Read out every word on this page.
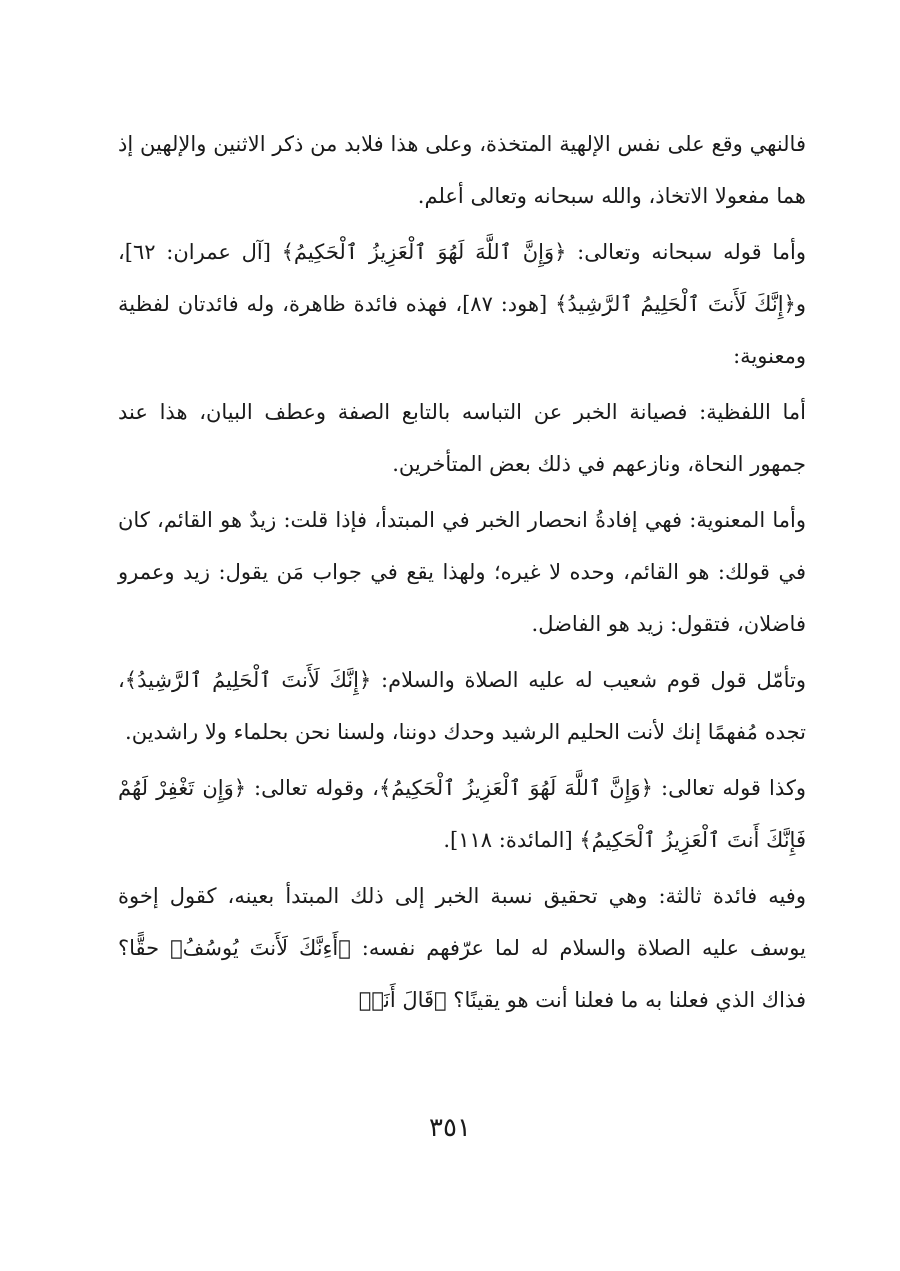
فالنهي وقع على نفس الإلهية المتخذة، وعلى هذا فلابد من ذكر الاثنين والإلهين إذ هما مفعولا الاتخاذ، والله سبحانه وتعالى أعلم.

وأما قوله سبحانه وتعالى: ﴿وَإِنَّ ٱللَّهَ لَهُوَ ٱلْعَزِيزُ ٱلْحَكِيمُ﴾ [آل عمران: ٦٢]، و﴿إِنَّكَ لَأَنتَ ٱلْحَلِيمُ ٱلرَّشِيدُ﴾ [هود: ٨٧]، فهذه فائدة ظاهرة، وله فائدتان لفظية ومعنوية:

أما اللفظية: فصيانة الخبر عن التباسه بالتابع الصفة وعطف البيان، هذا عند جمهور النحاة، ونازعهم في ذلك بعض المتأخرين.

وأما المعنوية: فهي إفادةُ انحصار الخبر في المبتدأ، فإذا قلت: زيدٌ هو القائم، كان في قولك: هو القائم، وحده لا غيره؛ ولهذا يقع في جواب مَن يقول: زيد وعمرو فاضلان، فتقول: زيد هو الفاضل.

وتأمّل قول قوم شعيب له عليه الصلاة والسلام: ﴿إِنَّكَ لَأَنتَ ٱلْحَلِيمُ ٱلرَّشِيدُ﴾، تجده مُفهمًا إنك لأنت الحليم الرشيد وحدك دوننا، ولسنا نحن بحلماء ولا راشدين.

وكذا قوله تعالى: ﴿وَإِنَّ ٱللَّهَ لَهُوَ ٱلْعَزِيزُ ٱلْحَكِيمُ﴾، وقوله تعالى: ﴿وَإِن تَغْفِرْ لَهُمْ فَإِنَّكَ أَنتَ ٱلْعَزِيزُ ٱلْحَكِيمُ﴾ [المائدة: ١١٨].

وفيه فائدة ثالثة: وهي تحقيق نسبة الخبر إلى ذلك المبتدأ بعينه، كقول إخوة يوسف عليه الصلاة والسلام له لما عرّفهم نفسه: ﴿أَءِنَّكَ لَأَنتَ يُوسُفُ﴾ حقًّا؟ فذاك الذي فعلنا به ما فعلنا أنت هو يقينًا؟ ﴿قَالَ أَنَا۠

٣٥١
